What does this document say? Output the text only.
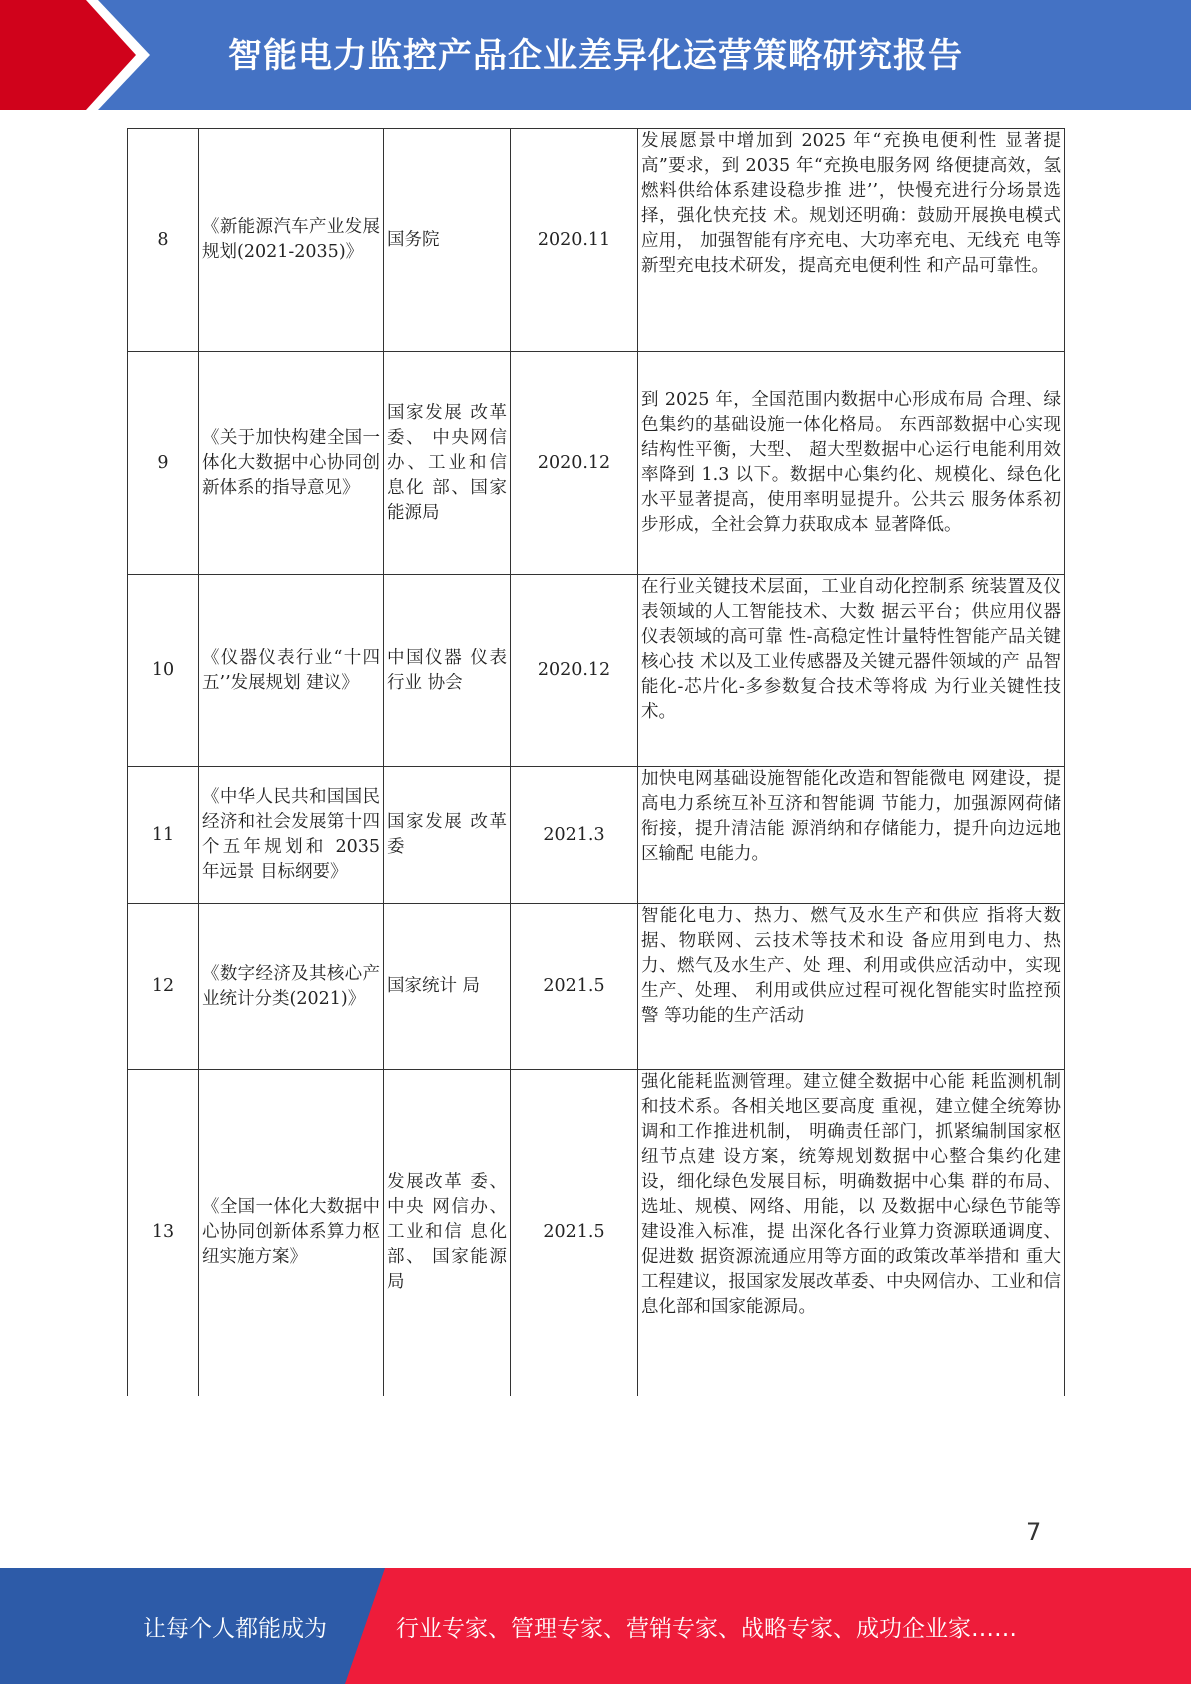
智能电力监控产品企业差异化运营策略研究报告
8	《新能源汽车产业发展规划(2021-2035)》	国务院	2020.11	发展愿景中增加到 2025 年“充换电便利性 显著提高”要求，到 2035 年“充换电服务网 络便捷高效，氢燃料供给体系建设稳步推 进’’，快慢充进行分场景选择，强化快充技 术。规划还明确：鼓励开展换电模式应用， 加强智能有序充电、大功率充电、无线充 电等新型充电技术研发，提高充电便利性 和产品可靠性。
9	《关于加快构建全国一体化大数据中心协同创新体系的指导意见》	国家发展 改革委、 中央网信 办、工业和信息化 部、国家 能源局	2020.12	到 2025 年，全国范围内数据中心形成布局 合理、绿色集约的基础设施一体化格局。 东西部数据中心实现结构性平衡，大型、 超大型数据中心运行电能利用效率降到 1.3 以下。数据中心集约化、规模化、绿色化 水平显著提高，使用率明显提升。公共云 服务体系初步形成，全社会算力获取成本 显著降低。
10	《仪器仪表行业“十四五’’发展规划 建议》	中国仪器 仪表行业 协会	2020.12	在行业关键技术层面，工业自动化控制系 统装置及仪表领域的人工智能技术、大数 据云平台；供应用仪器仪表领域的高可靠 性-高稳定性计量特性智能产品关键核心技 术以及工业传感器及关键元器件领域的产 品智能化-芯片化-多参数复合技术等将成 为行业关键性技术。
11	《中华人民共和国国民经济和社会发展第十四个五年规划和 2035 年远景 目标纲要》	国家发展 改革委	2021.3	加快电网基础设施智能化改造和智能微电 网建设，提高电力系统互补互济和智能调 节能力，加强源网荷储衔接，提升清洁能 源消纳和存储能力，提升向边远地区输配 电能力。
12	《数字经济及其核心产业统计分类(2021)》	国家统计 局	2021.5	智能化电力、热力、燃气及水生产和供应 指将大数据、物联网、云技术等技术和设 备应用到电力、热力、燃气及水生产、处 理、利用或供应活动中，实现生产、处理、 利用或供应过程可视化智能实时监控预警 等功能的生产活动
13	《全国一体化大数据中心协同创新体系算力枢纽实施方案》	发展改革 委、中央 网信办、工业和信 息化部、 国家能源 局	2021.5	强化能耗监测管理。建立健全数据中心能 耗监测机制和技术系。各相关地区要高度 重视，建立健全统筹协调和工作推进机制， 明确责任部门，抓紧编制国家枢纽节点建 设方案，统筹规划数据中心整合集约化建 设，细化绿色发展目标，明确数据中心集 群的布局、选址、规模、网络、用能，以 及数据中心绿色节能等建设准入标准，提 出深化各行业算力资源联通调度、促进数 据资源流通应用等方面的政策改革举措和 重大工程建议，报国家发展改革委、中央网信办、工业和信息化部和国家能源局。
7
让每个人都能成为	行业专家、管理专家、营销专家、战略专家、成功企业家……
